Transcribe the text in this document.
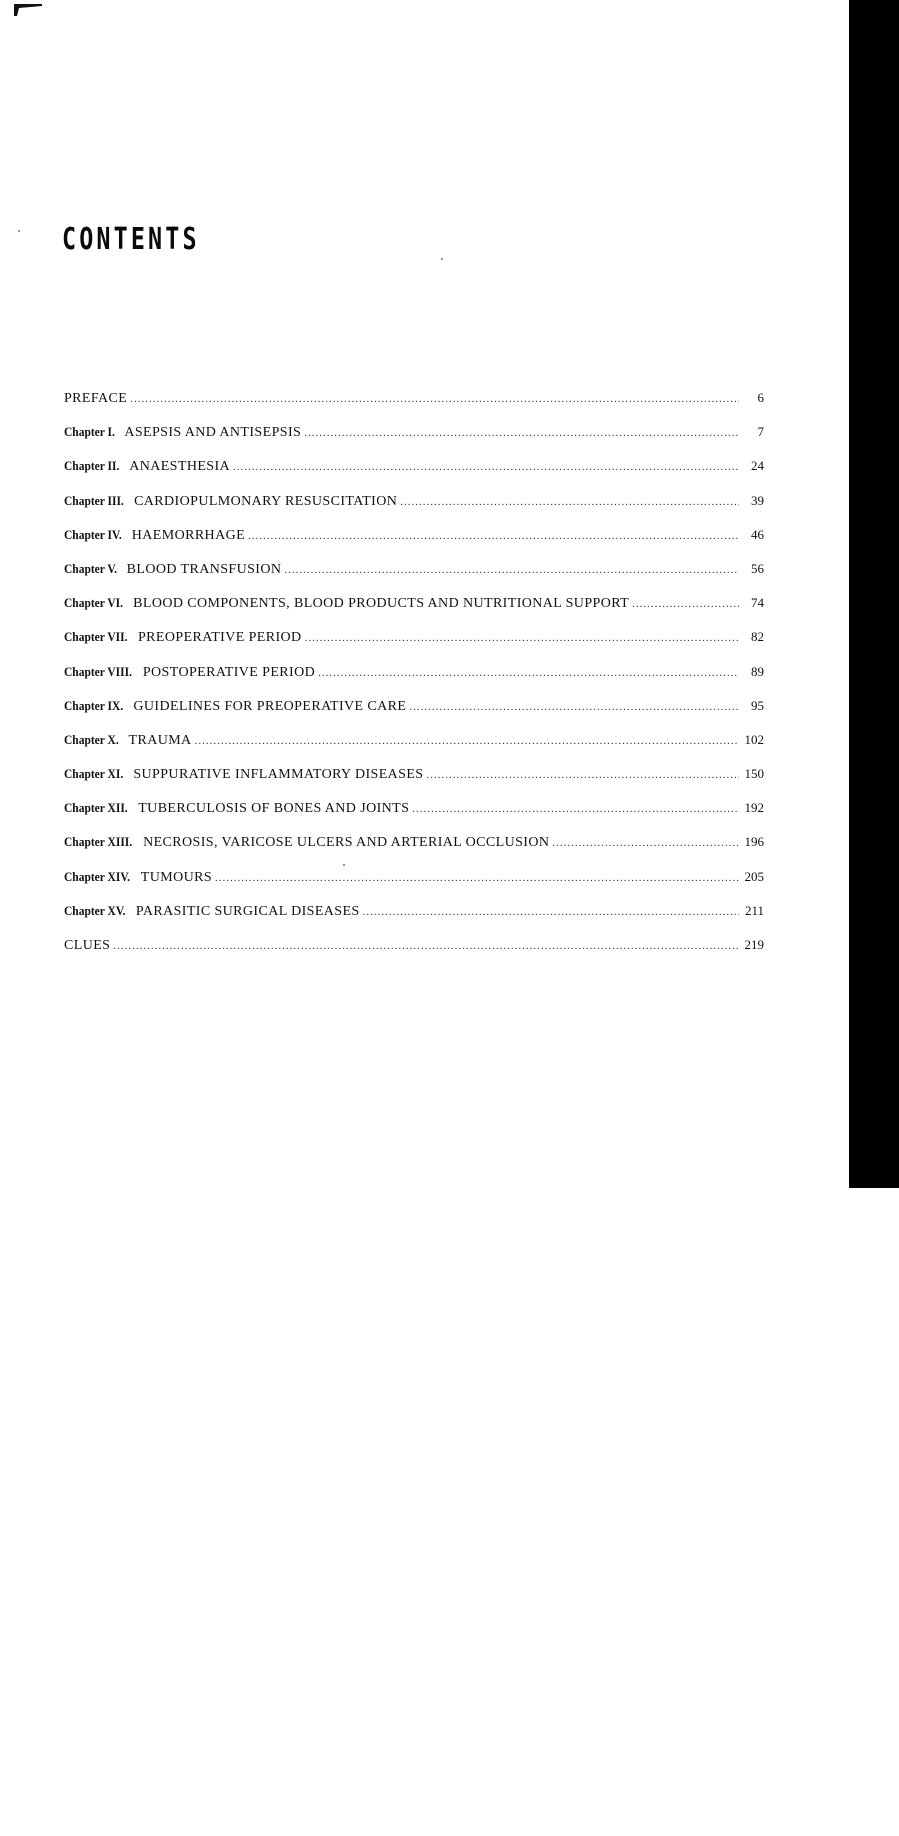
CONTENTS
PREFACE .....	6
Chapter I. ASEPSIS AND ANTISEPSIS .....	7
Chapter II. ANAESTHESIA .....	24
Chapter III. CARDIOPULMONARY RESUSCITATION .....	39
Chapter IV. HAEMORRHAGE .....	46
Chapter V. BLOOD TRANSFUSION .....	56
Chapter VI. BLOOD COMPONENTS, BLOOD PRODUCTS AND NUTRITIONAL SUPPORT .....	74
Chapter VII. PREOPERATIVE PERIOD .....	82
Chapter VIII. POSTOPERATIVE PERIOD .....	89
Chapter IX. GUIDELINES FOR PREOPERATIVE CARE .....	95
Chapter X. TRAUMA .....	102
Chapter XI. SUPPURATIVE INFLAMMATORY DISEASES .....	150
Chapter XII. TUBERCULOSIS OF BONES AND JOINTS .....	192
Chapter XIII. NECROSIS, VARICOSE ULCERS AND ARTERIAL OCCLUSION .....	196
Chapter XIV. TUMOURS .....	205
Chapter XV. PARASITIC SURGICAL DISEASES .....	211
CLUES .....	219
